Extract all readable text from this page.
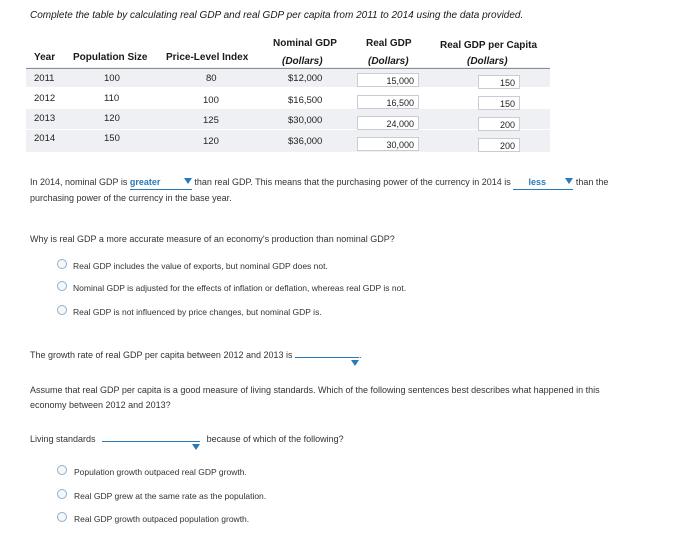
Complete the table by calculating real GDP and real GDP per capita from 2011 to 2014 using the data provided.
Year Population Size Price-Level Index
Nominal GDP
(Dollars)
Real GDP
(Dollars)
Real GDP per Capita
(Dollars)
2011	100	80	$12,000	15,000	150
2012	110	100	$16,500	16,500	150
2013	120	125	$30,000	24,000	200
2014	150	120	$36,000	30,000	200
In 2014, nominal GDP is greater	than real GDP. This means that the purchasing power of the currency in 2014 is less	than the
purchasing power of the currency in the base year.
Why is real GDP a more accurate measure of an economy's production than nominal GDP?
Real GDP includes the value of exports, but nominal GDP does not.
Nominal GDP is adjusted for the effects of inflation or deflation, whereas real GDP is not.
Real GDP is not influenced by price changes, but nominal GDP is.
The growth rate of real GDP per capita between 2012 and 2013 is	.
Assume that real GDP per capita is a good measure of living standards. Which of the following sentences best describes what happened in this
economy between 2012 and 2013?
Living standards	because of which of the following?
Population growth outpaced real GDP growth.
Real GDP grew at the same rate as the population.
Real GDP growth outpaced population growth.
